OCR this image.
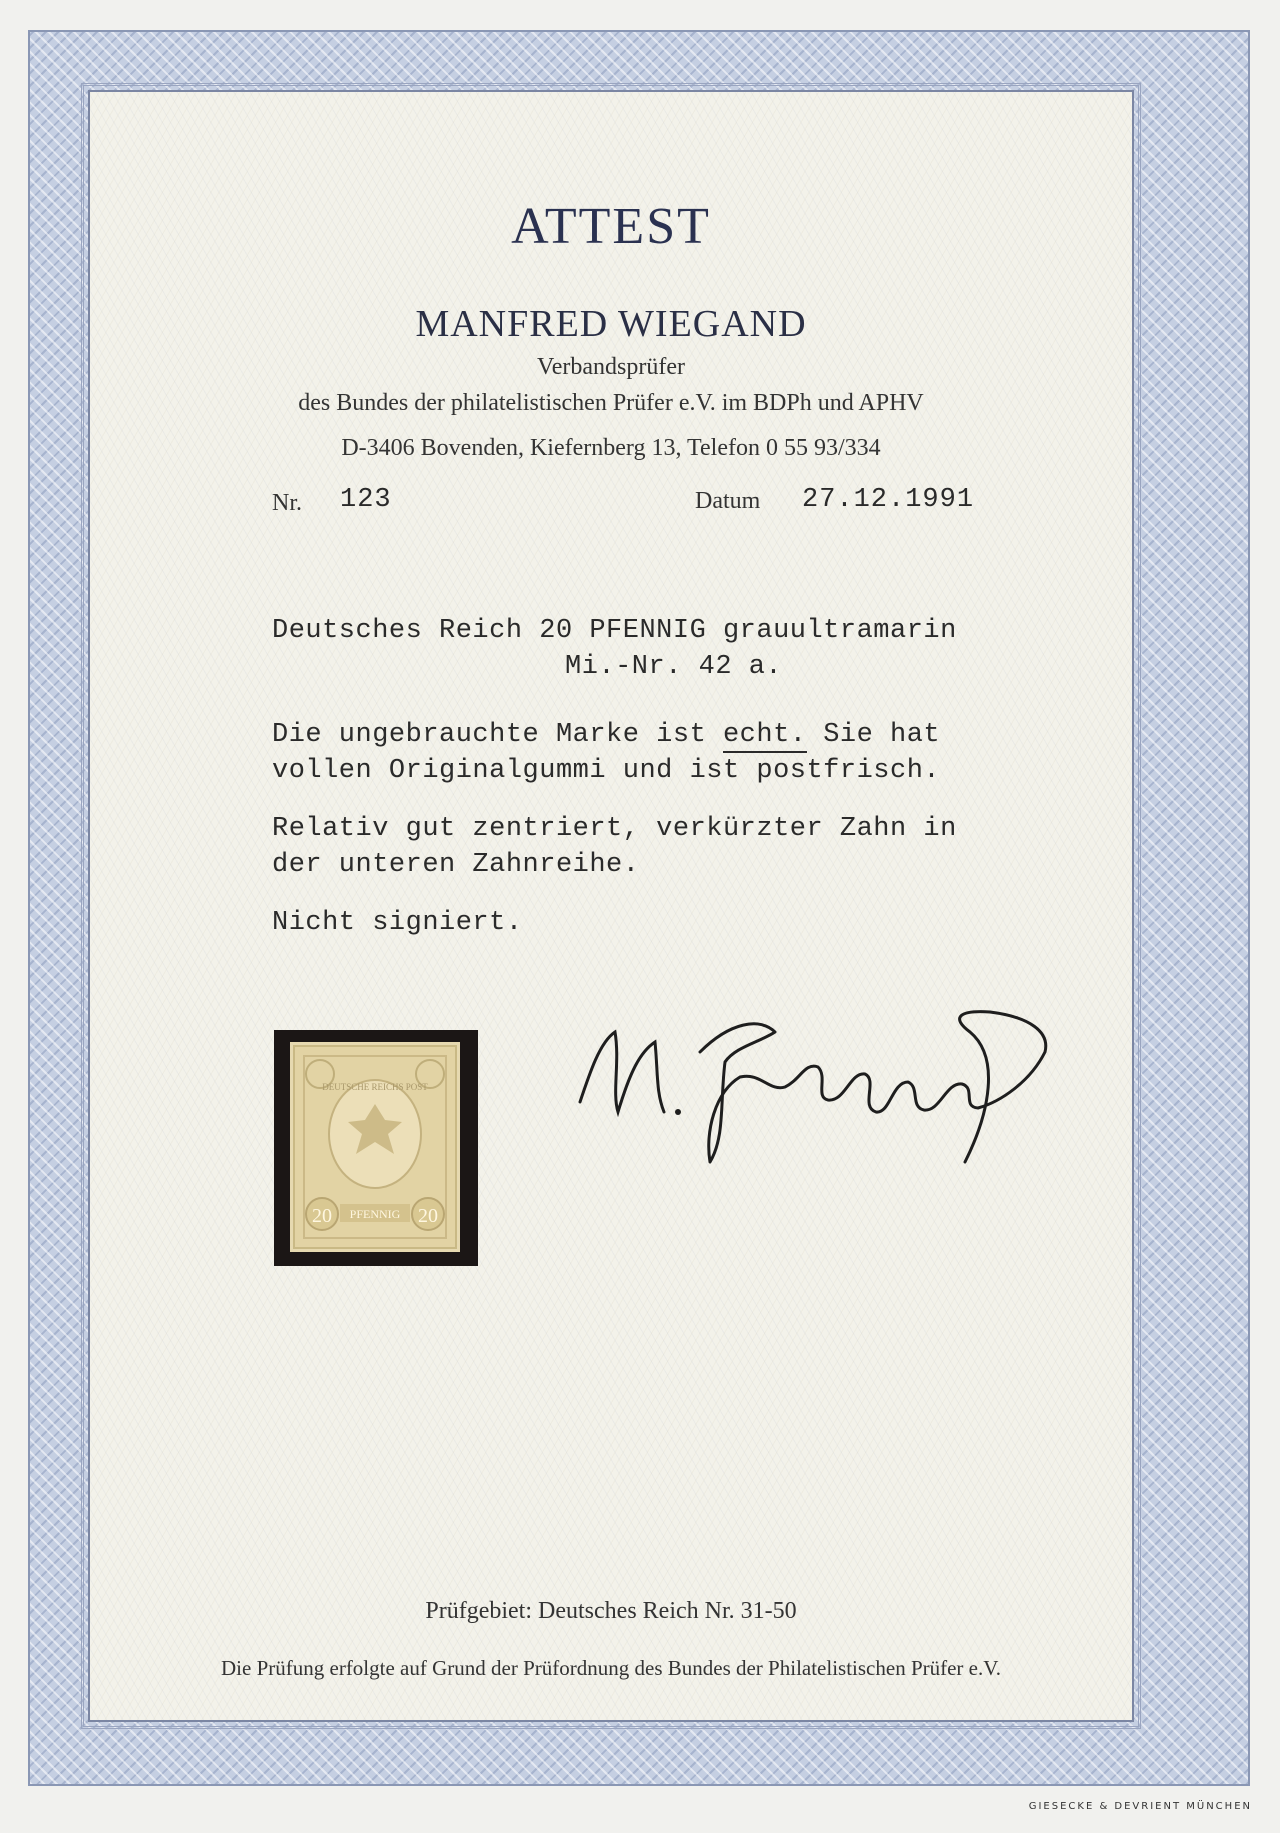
ATTEST
MANFRED WIEGAND
Verbandsprüfer
des Bundes der philatelistischen Prüfer e.V. im BDPh und APHV
D-3406 Bovenden, Kiefernberg 13, Telefon 0 55 93/334
Nr. 123	Datum 27.12.1991
Deutsches Reich 20 PFENNIG grauultramarin
Mi.-Nr. 42 a.
Die ungebrauchte Marke ist echt. Sie hat
vollen Originalgummi und ist postfrisch.
Relativ gut zentriert, verkürzter Zahn in
der unteren Zahnreihe.
Nicht signiert.
DEUTSCHE REICHS POST
20	20
PFENNIG
Prüfgebiet: Deutsches Reich Nr. 31-50
Die Prüfung erfolgte auf Grund der Prüfordnung des Bundes der Philatelistischen Prüfer e.V.
GIESECKE & DEVRIENT MÜNCHEN
